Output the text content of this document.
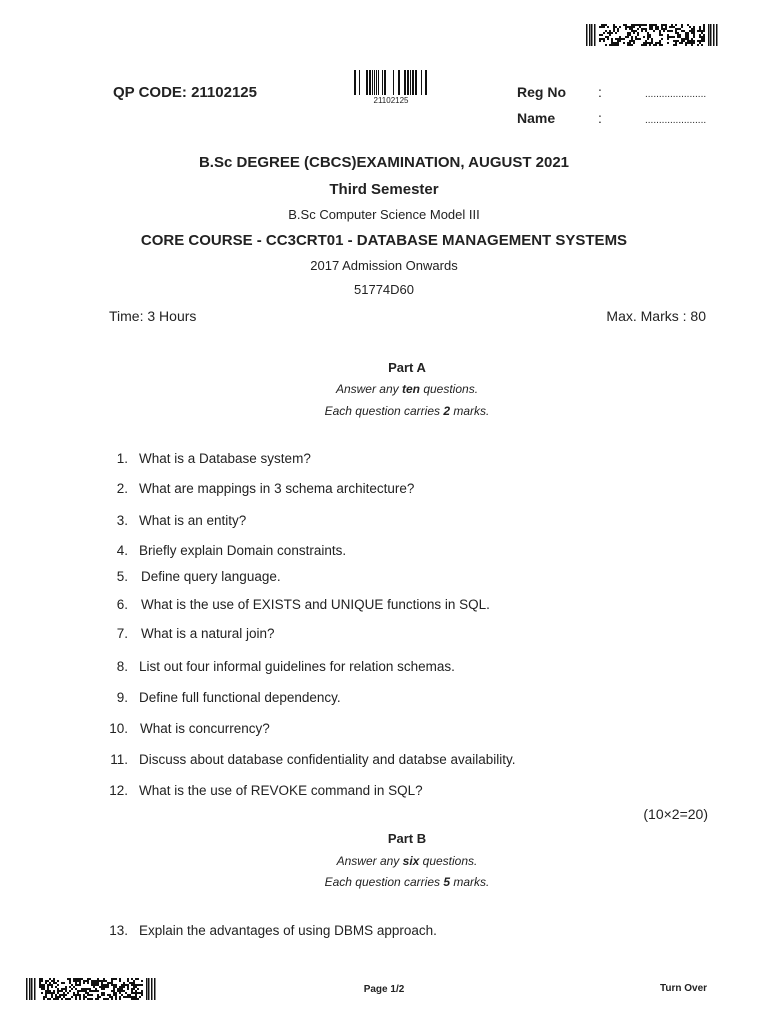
QP CODE: 21102125	21102125
Reg No :	......................
Name	:	......................
B.Sc DEGREE (CBCS)EXAMINATION, AUGUST 2021
Third Semester
B.Sc Computer Science Model III
CORE COURSE - CC3CRT01 - DATABASE MANAGEMENT SYSTEMS
2017 Admission Onwards
51774D60
Time: 3 Hours	Max. Marks : 80
Part A
Answer any ten questions.
Each question carries 2 marks.
1. What is a Database system?
2. What are mappings in 3 schema architecture?
3. What is an entity?
4. Briefly explain Domain constraints.
5. Define query language.
6. What is the use of EXISTS and UNIQUE functions in SQL.
7. What is a natural join?
8. List out four informal guidelines for relation schemas.
9. Define full functional dependency.
10. What is concurrency?
11. Discuss about database confidentiality and databse availability.
12. What is the use of REVOKE command in SQL?
(10×2=20)
Part B
Answer any six questions.
Each question carries 5 marks.
13. Explain the advantages of using DBMS approach.
Page 1/2	Turn Over
